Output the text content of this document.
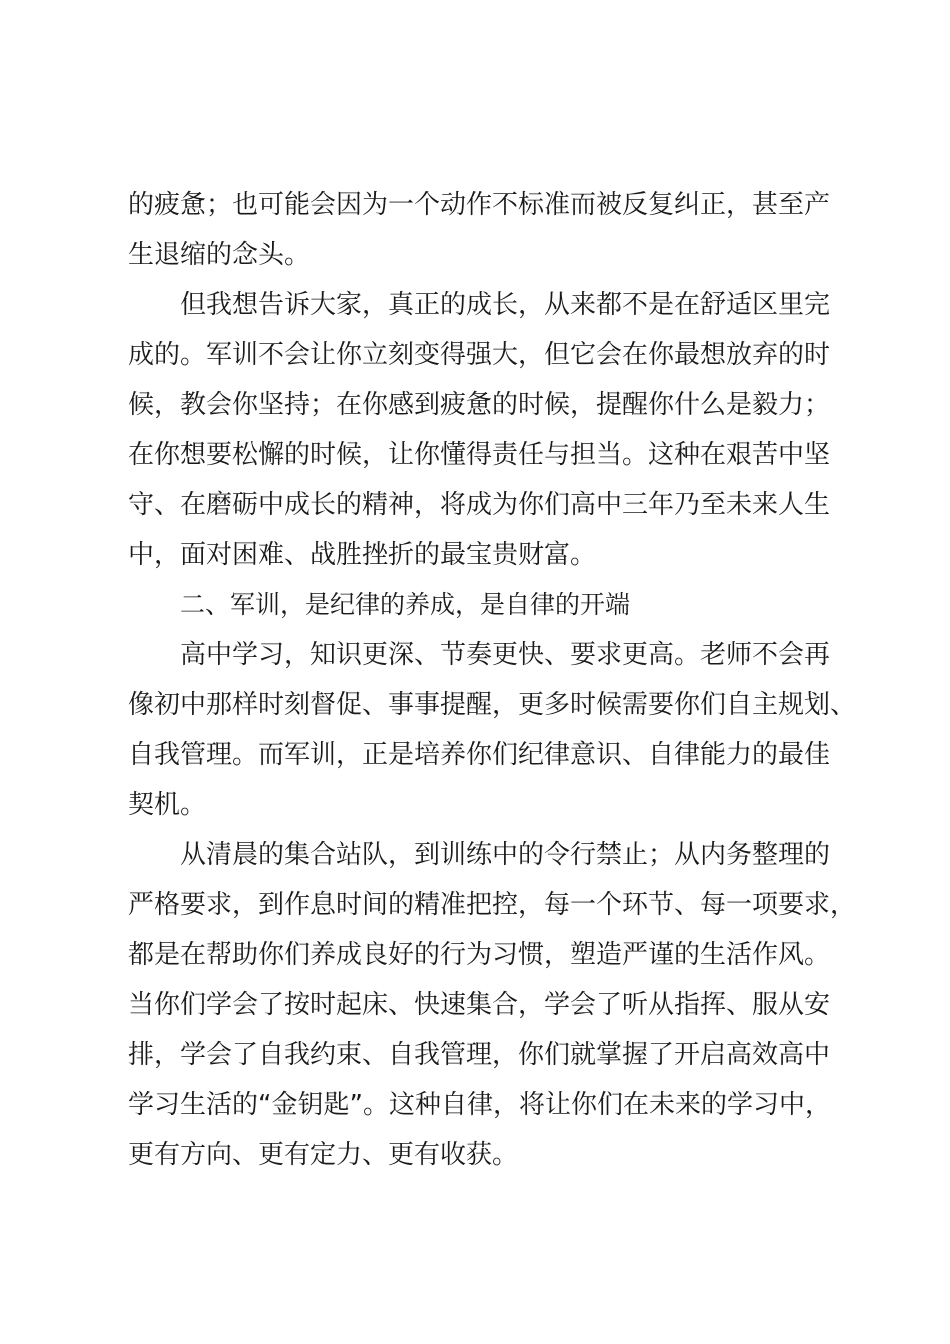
的疲惫；也可能会因为一个动作不标准而被反复纠正，甚至产
生退缩的念头。
但我想告诉大家，真正的成长，从来都不是在舒适区里完
成的。军训不会让你立刻变得强大，但它会在你最想放弃的时
候，教会你坚持；在你感到疲惫的时候，提醒你什么是毅力；
在你想要松懈的时候，让你懂得责任与担当。这种在艰苦中坚
守、在磨砺中成长的精神，将成为你们高中三年乃至未来人生
中，面对困难、战胜挫折的最宝贵财富。
二、军训，是纪律的养成，是自律的开端
高中学习，知识更深、节奏更快、要求更高。老师不会再
像初中那样时刻督促、事事提醒，更多时候需要你们自主规划、
自我管理。而军训，正是培养你们纪律意识、自律能力的最佳
契机。
从清晨的集合站队，到训练中的令行禁止；从内务整理的
严格要求，到作息时间的精准把控，每一个环节、每一项要求，
都是在帮助你们养成良好的行为习惯，塑造严谨的生活作风。
当你们学会了按时起床、快速集合，学会了听从指挥、服从安
排，学会了自我约束、自我管理，你们就掌握了开启高效高中
学习生活的“金钥匙”。这种自律，将让你们在未来的学习中，
更有方向、更有定力、更有收获。
